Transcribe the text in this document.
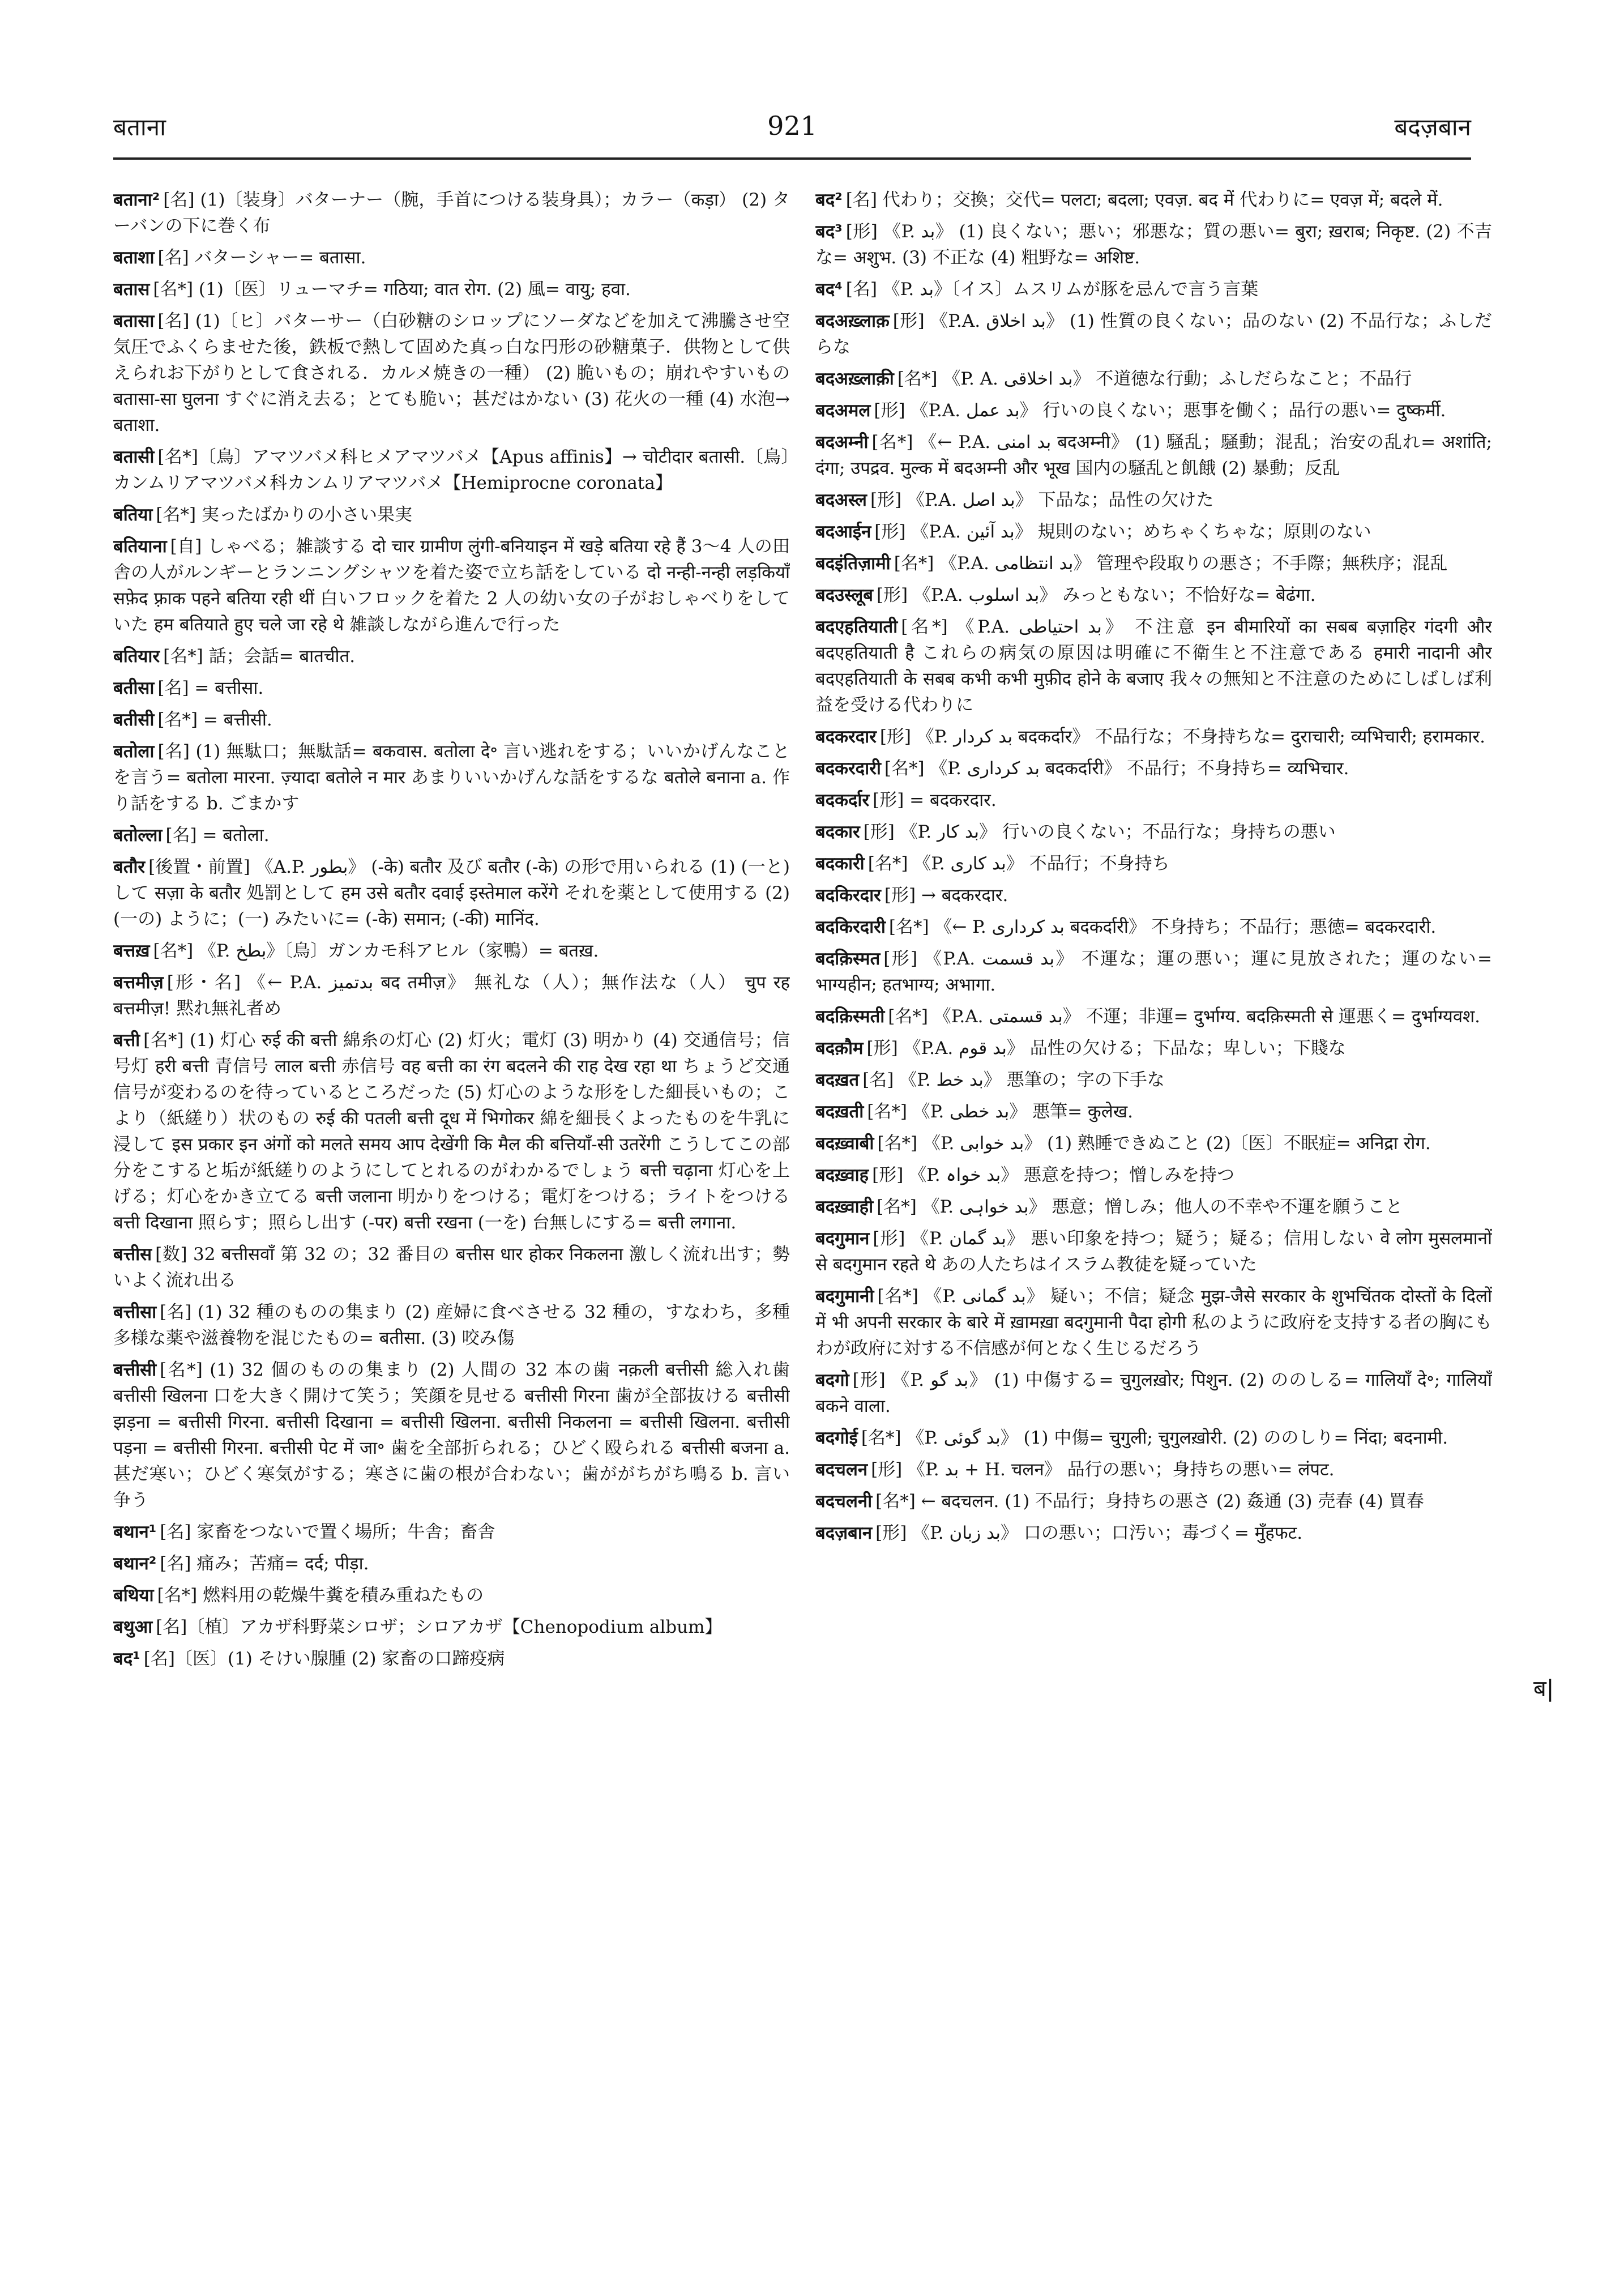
बताना	921	बदज़बान

बताना² [名] (1)〔装身〕バターナー（腕，手首につける装身具）；カラー（कड़ा） (2) ターバンの下に巻く布

बताशा [名] バターシャー= बतासा.

बतास [名*] (1)〔医〕リューマチ= गठिया; वात रोग. (2) 風= वायु; हवा.

बतासा [名] (1)〔ヒ〕バターサー（白砂糖のシロップにソーダなどを加えて沸騰させ空気圧でふくらませた後，鉄板で熱して固めた真っ白な円形の砂糖菓子．供物として供えられお下がりとして食される．カルメ焼きの一種） (2) 脆いもの；崩れやすいもの बतासा-सा घुलना すぐに消え去る；とても脆い；甚だはかない (3) 花火の一種 (4) 水泡→ बताशा.

बतासी [名*]〔鳥〕アマツバメ科ヒメアマツバメ【Apus affinis】→ चोटीदार बतासी.〔鳥〕カンムリアマツバメ科カンムリアマツバメ【Hemiprocne coronata】

बतिया [名*] 実ったばかりの小さい果実

बतियाना [自] しゃべる；雑談する दो चार ग्रामीण लुंगी-बनियाइन में खड़े बतिया रहे हैं 3～4 人の田舎の人がルンギーとランニングシャツを着た姿で立ち話をしている दो नन्ही-नन्ही लड़कियाँ सफ़ेद फ़्राक पहने बतिया रही थीं 白いフロックを着た 2 人の幼い女の子がおしゃべりをしていた हम बतियाते हुए चले जा रहे थे 雑談しながら進んで行った

बतियार [名*] 話；会話= बातचीत.

बतीसा [名] = बत्तीसा.

बतीसी [名*] = बत्तीसी.

बतोला [名] (1) 無駄口；無駄話= बकवास. बतोला दे॰ 言い逃れをする；いいかげんなことを言う= बतोला मारना. ज़्यादा बतोले न मार あまりいいかげんな話をするな बतोले बनाना a. 作り話をする b. ごまかす

बतोल्ला [名] = बतोला.

बतौर [後置・前置] 《A.P. بطور》 (-के) बतौर 及び बतौर (-के) の形で用いられる (1) (一と) して सज़ा के बतौर 処罰として हम उसे बतौर दवाई इस्तेमाल करेंगे それを薬として使用する (2) (一の) ように；(一) みたいに= (-के) समान; (-की) मानिंद.

बत्तख़ [名*] 《P. بطخ》〔鳥〕ガンカモ科アヒル（家鴨）= बतख़.

बत्तमीज़ [形・名] 《← P.A. بدتمیز बद तमीज़》 無礼な（人）；無作法な（人） चुप रह बत्तमीज़! 黙れ無礼者め

बत्ती [名*] (1) 灯心 रुई की बत्ती 綿糸の灯心 (2) 灯火；電灯 (3) 明かり (4) 交通信号；信号灯 हरी बत्ती 青信号 लाल बत्ती 赤信号 वह बत्ती का रंग बदलने की राह देख रहा था ちょうど交通信号が変わるのを待っているところだった (5) 灯心のような形をした細長いもの；こより（紙縒り）状のもの रुई की पतली बत्ती दूध में भिगोकर 綿を細長くよったものを牛乳に浸して इस प्रकार इन अंगों को मलते समय आप देखेंगी कि मैल की बत्तियाँ-सी उतरेंगी こうしてこの部分をこすると垢が紙縒りのようにしてとれるのがわかるでしょう बत्ती चढ़ाना 灯心を上げる；灯心をかき立てる बत्ती जलाना 明かりをつける；電灯をつける；ライトをつける बत्ती दिखाना 照らす；照らし出す (-पर) बत्ती रखना (一を) 台無しにする= बत्ती लगाना.

बत्तीस [数] 32 बत्तीसवाँ 第 32 の；32 番目の बत्तीस धार होकर निकलना 激しく流れ出す；勢いよく流れ出る

बत्तीसा [名] (1) 32 種のものの集まり (2) 産婦に食べさせる 32 種の，すなわち，多種多様な薬や滋養物を混じたもの= बतीसा. (3) 咬み傷

बत्तीसी [名*] (1) 32 個のものの集まり (2) 人間の 32 本の歯 नक़ली बत्तीसी 総入れ歯 बत्तीसी खिलना 口を大きく開けて笑う；笑顔を見せる बत्तीसी गिरना 歯が全部抜ける बत्तीसी झड़ना = बत्तीसी गिरना. बत्तीसी दिखाना = बत्तीसी खिलना. बत्तीसी निकलना = बत्तीसी खिलना. बत्तीसी पड़ना = बत्तीसी गिरना. बत्तीसी पेट में जा॰ 歯を全部折られる；ひどく殴られる बत्तीसी बजना a. 甚だ寒い；ひどく寒気がする；寒さに歯の根が合わない；歯ががちがち鳴る b. 言い争う

बथान¹ [名] 家畜をつないで置く場所；牛舎；畜舎

बथान² [名] 痛み；苦痛= दर्द; पीड़ा.

बथिया [名*] 燃料用の乾燥牛糞を積み重ねたもの

बथुआ [名]〔植〕アカザ科野菜シロザ；シロアカザ【Chenopodium album】

बद¹ [名]〔医〕(1) そけい腺腫 (2) 家畜の口蹄疫病

बद² [名] 代わり；交換；交代= पलटा; बदला; एवज़. बद में 代わりに= एवज़ में; बदले में.

बद³ [形] 《P. بد》 (1) 良くない；悪い；邪悪な；質の悪い= बुरा; ख़राब; निकृष्ट. (2) 不吉な= अशुभ. (3) 不正な (4) 粗野な= अशिष्ट.

बद⁴ [名] 《P. بد》〔イス〕ムスリムが豚を忌んで言う言葉

बदअख़्लाक़ [形] 《P.A. بد اخلاق》 (1) 性質の良くない；品のない (2) 不品行な；ふしだらな

बदअख़्लाक़ी [名*] 《P. A. بد اخلاقی》 不道徳な行動；ふしだらなこと；不品行

बदअमल [形] 《P.A. بد عمل》 行いの良くない；悪事を働く；品行の悪い= दुष्कर्मी.

बदअम्नी [名*] 《← P.A. بد امنی बदअम्नी》 (1) 騒乱；騒動；混乱；治安の乱れ= अशांति; दंगा; उपद्रव. मुल्क में बदअम्नी और भूख 国内の騒乱と飢餓 (2) 暴動；反乱

बदअस्ल [形] 《P.A. بد اصل》 下品な；品性の欠けた

बदआईन [形] 《P.A. بد آئین》 規則のない；めちゃくちゃな；原則のない

बदइंतिज़ामी [名*] 《P.A. بد انتظامی》 管理や段取りの悪さ；不手際；無秩序；混乱

बदउस्लूब [形] 《P.A. بد اسلوب》 みっともない；不恰好な= बेढंगा.

बदएहतियाती [名*] 《P.A. بد احتیاطی》 不注意 इन बीमारियों का सबब बज़ाहिर गंदगी और बदएहतियाती है これらの病気の原因は明確に不衛生と不注意である हमारी नादानी और बदएहतियाती के सबब कभी कभी मुफ़ीद होने के बजाए 我々の無知と不注意のためにしばしば利益を受ける代わりに

बदकरदार [形] 《P. بد کردار बदकर्दार》 不品行な；不身持ちな= दुराचारी; व्यभिचारी; हरामकार.

बदकरदारी [名*] 《P. بد کرداری बदकर्दारी》 不品行；不身持ち= व्यभिचार.

बदकर्दार [形] = बदकरदार.

बदकार [形] 《P. بد کار》 行いの良くない；不品行な；身持ちの悪い

बदकारी [名*] 《P. بد کاری》 不品行；不身持ち

बदकिरदार [形] → बदकरदार.

बदकिरदारी [名*] 《← P. بد کرداری बदकर्दारी》 不身持ち；不品行；悪徳= बदकरदारी.

बदक़िस्मत [形] 《P.A. بد قسمت》 不運な；運の悪い；運に見放された；運のない= भाग्यहीन; हतभाग्य; अभागा.

बदक़िस्मती [名*] 《P.A. بد قسمتی》 不運；非運= दुर्भाग्य. बदक़िस्मती से 運悪く= दुर्भाग्यवश.

बदक़ौम [形] 《P.A. بد قوم》 品性の欠ける；下品な；卑しい；下賤な

बदख़त [名] 《P. بد خط》 悪筆の；字の下手な

बदख़ती [名*] 《P. بد خطی》 悪筆= कुलेख.

बदख़्वाबी [名*] 《P. بد خوابی》 (1) 熟睡できぬこと (2)〔医〕不眠症= अनिद्रा रोग.

बदख़्वाह [形] 《P. بد خواہ》 悪意を持つ；憎しみを持つ

बदख़्वाही [名*] 《P. بد خواہی》 悪意；憎しみ；他人の不幸や不運を願うこと

बदगुमान [形] 《P. بد گمان》 悪い印象を持つ；疑う；疑る；信用しない वे लोग मुसलमानों से बदगुमान रहते थे あの人たちはイスラム教徒を疑っていた

बदगुमानी [名*] 《P. بد گمانی》 疑い；不信；疑念 मुझ-जैसे सरकार के शुभचिंतक दोस्तों के दिलों में भी अपनी सरकार के बारे में ख़ामख़ा बदगुमानी पैदा होगी 私のように政府を支持する者の胸にもわが政府に対する不信感が何となく生じるだろう

बदगो [形] 《P. بد گو》 (1) 中傷する= चुगुलख़ोर; पिशुन. (2) ののしる= गालियाँ दे॰; गालियाँ बकने वाला.

बदगोई [名*] 《P. بد گوئی》 (1) 中傷= चुगुली; चुगुलख़ोरी. (2) ののしり= निंदा; बदनामी.

बदचलन [形] 《P. بد + H. चलन》 品行の悪い；身持ちの悪い= लंपट.

बदचलनी [名*] ← बदचलन. (1) 不品行；身持ちの悪さ (2) 姦通 (3) 売春 (4) 買春

बदज़बान [形] 《P. بد زبان》 口の悪い；口汚い；毒づく= मुँहफट.

ब|
